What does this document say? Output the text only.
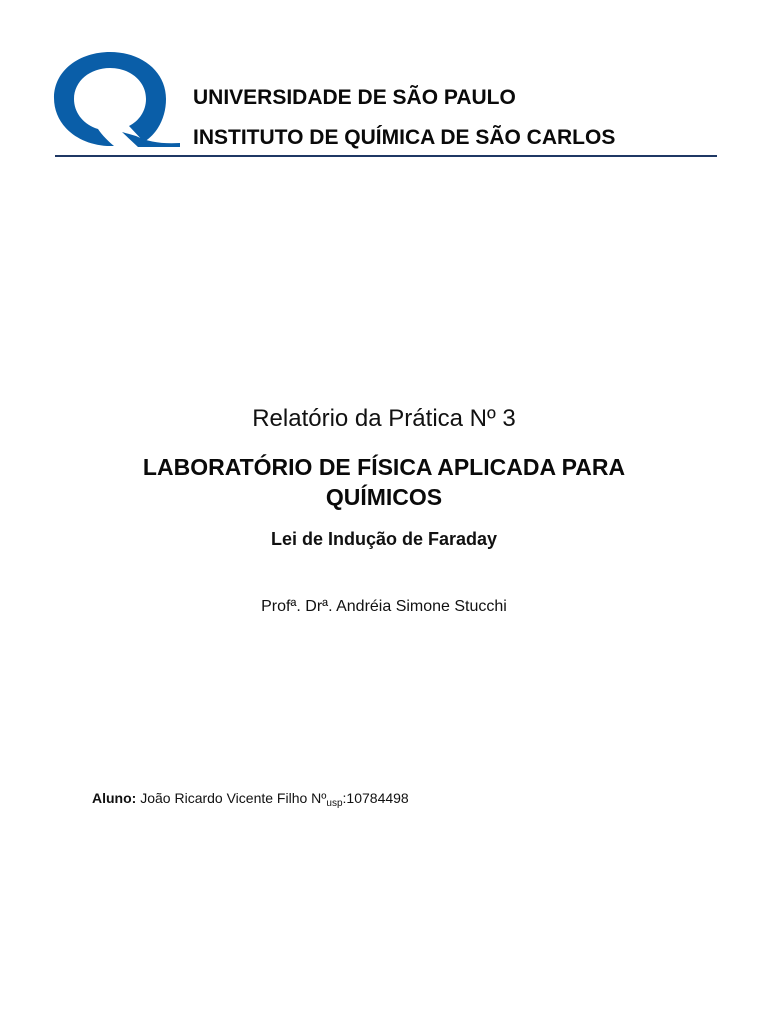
UNIVERSIDADE DE SÃO PAULO
INSTITUTO DE QUÍMICA DE SÃO CARLOS
Relatório da Prática Nº 3
LABORATÓRIO DE FÍSICA APLICADA PARA QUÍMICOS
Lei de Indução de Faraday
Profª. Drª. Andréia Simone Stucchi
Aluno: João Ricardo Vicente Filho Nº$_{usp}$:10784498
